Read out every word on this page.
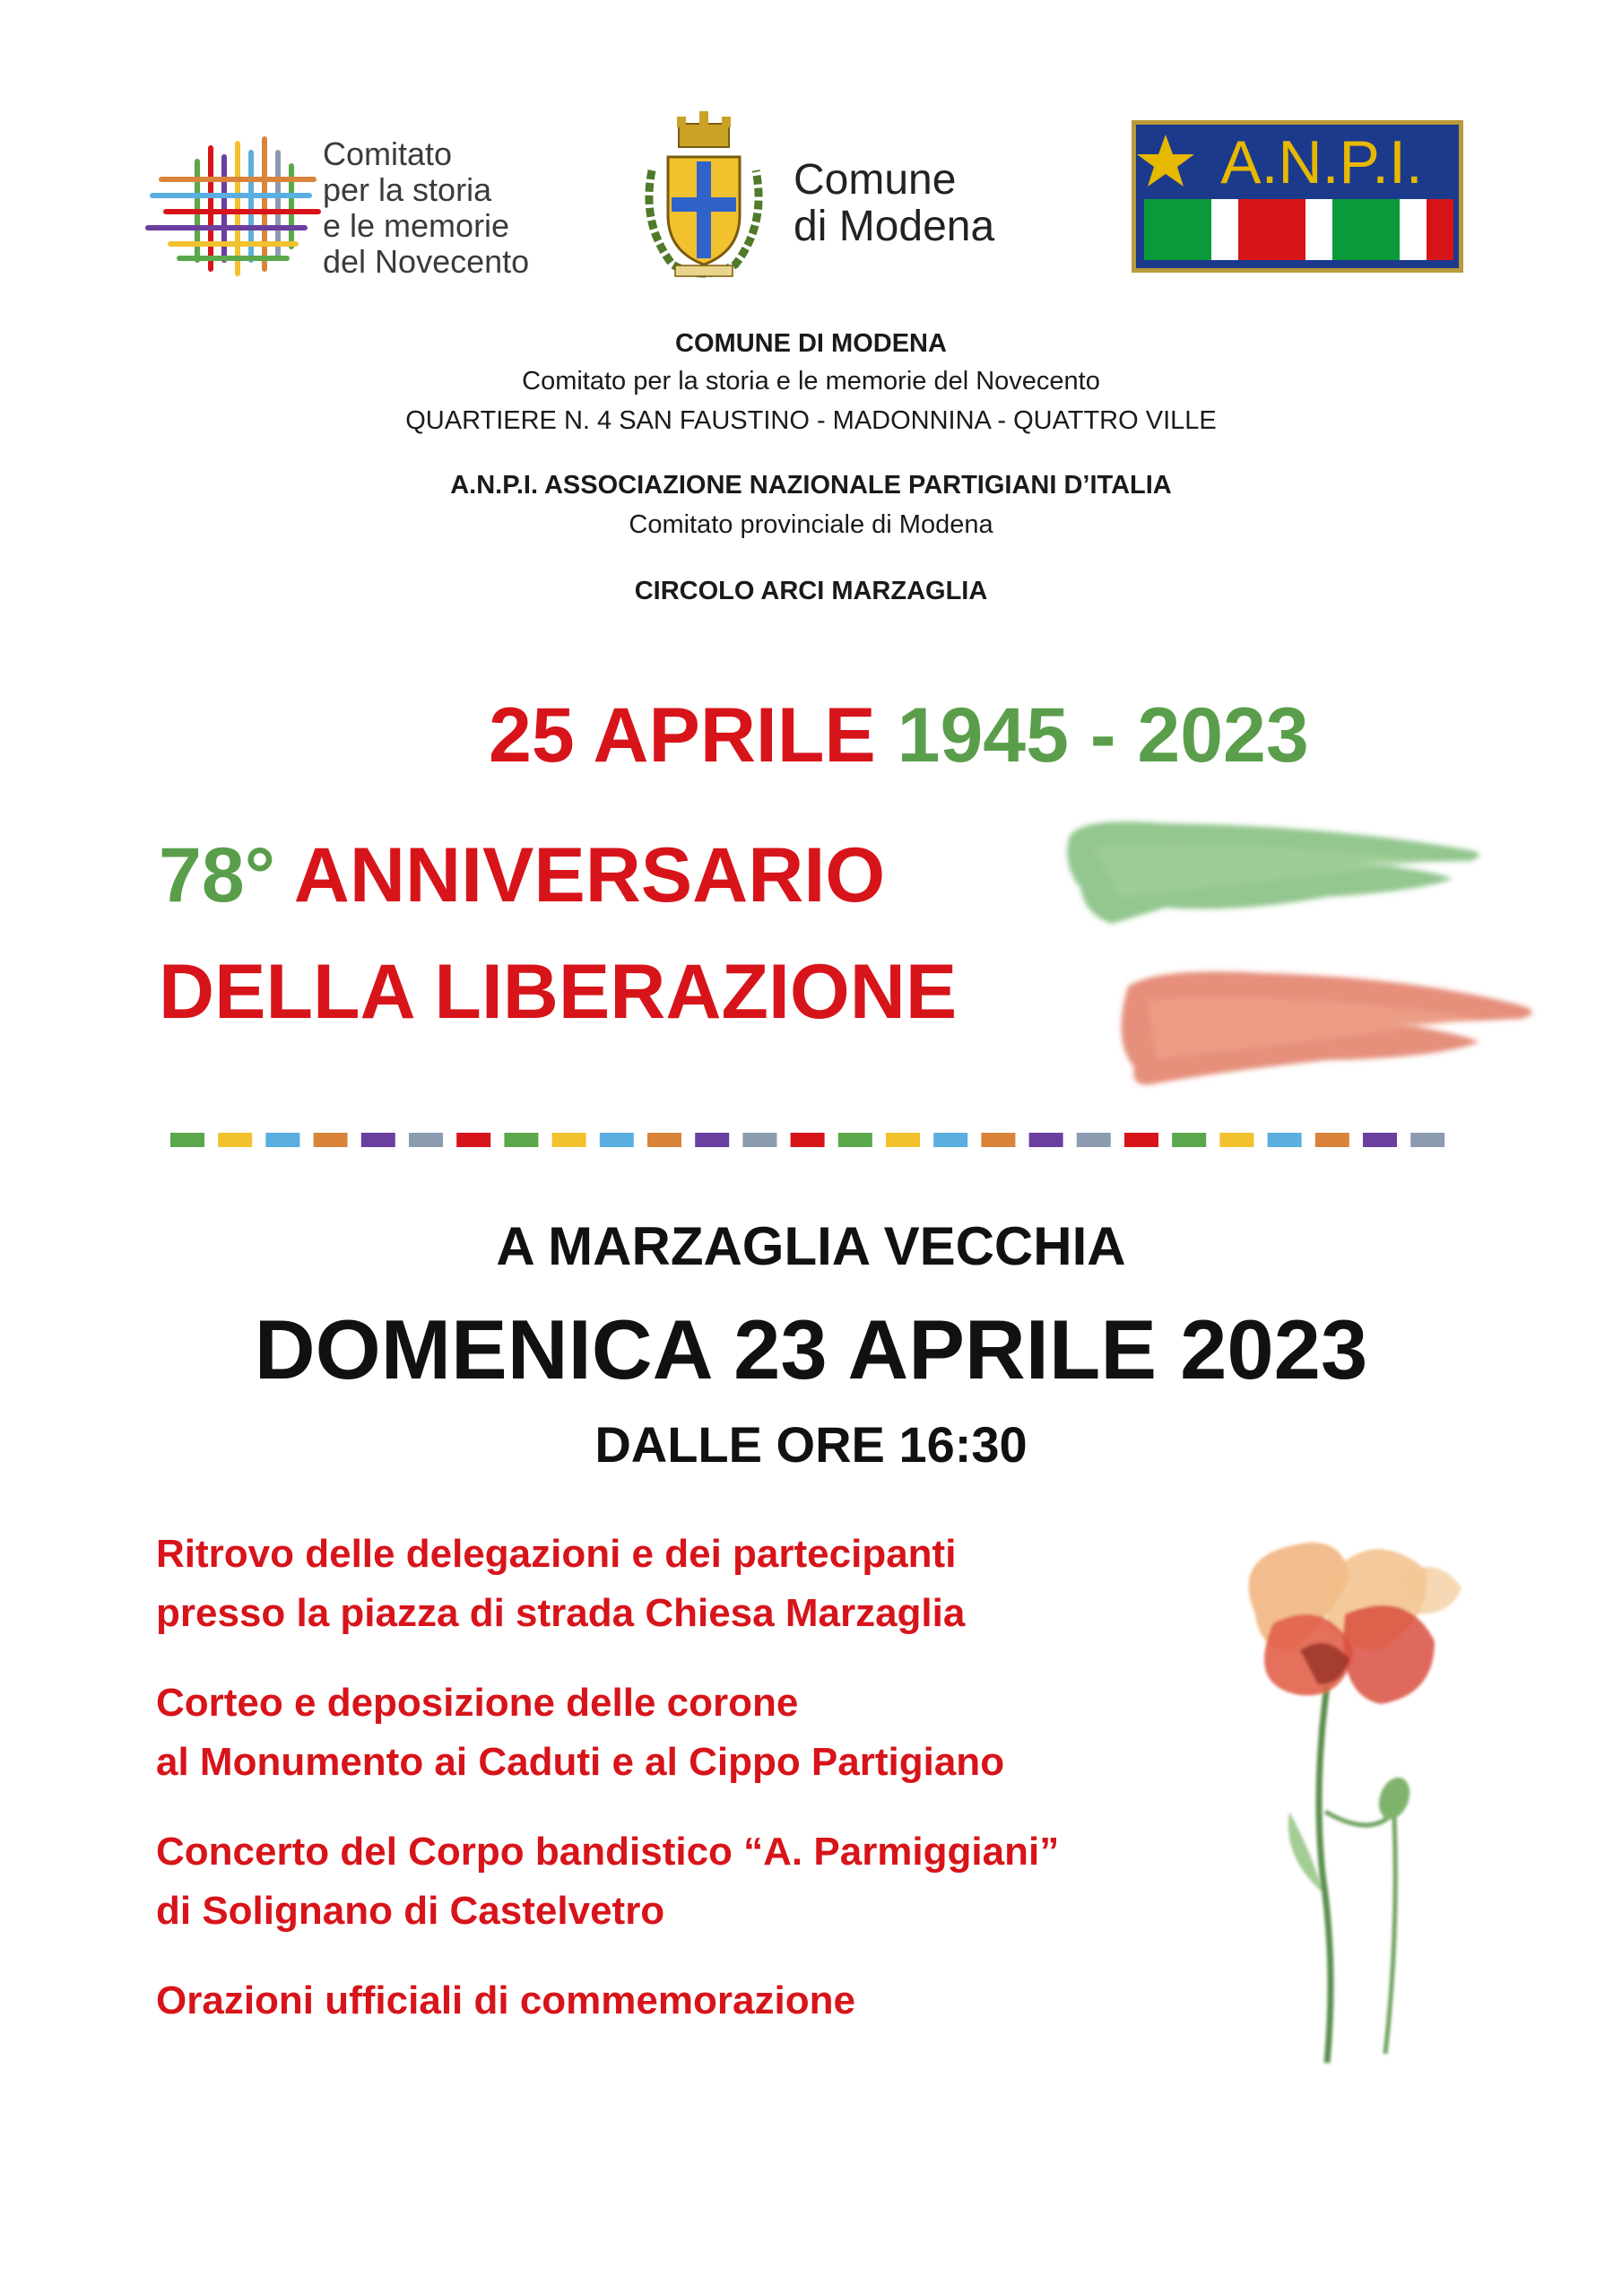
Comitato
per la storia
e le memorie
del Novecento
Comune
di Modena
A.N.P.I.
COMUNE DI MODENA
Comitato per la storia e le memorie del Novecento
QUARTIERE N. 4 SAN FAUSTINO - MADONNINA - QUATTRO VILLE
A.N.P.I. ASSOCIAZIONE NAZIONALE PARTIGIANI D’ITALIA
Comitato provinciale di Modena
CIRCOLO ARCI MARZAGLIA
25 APRILE 1945 - 2023
78° ANNIVERSARIO
DELLA LIBERAZIONE
A MARZAGLIA VECCHIA
DOMENICA 23 APRILE 2023
DALLE ORE 16:30
Ritrovo delle delegazioni e dei partecipanti
presso la piazza di strada Chiesa Marzaglia
Corteo e deposizione delle corone
al Monumento ai Caduti e al Cippo Partigiano
Concerto del Corpo bandistico “A. Parmiggiani”
di Solignano di Castelvetro
Orazioni ufficiali di commemorazione
